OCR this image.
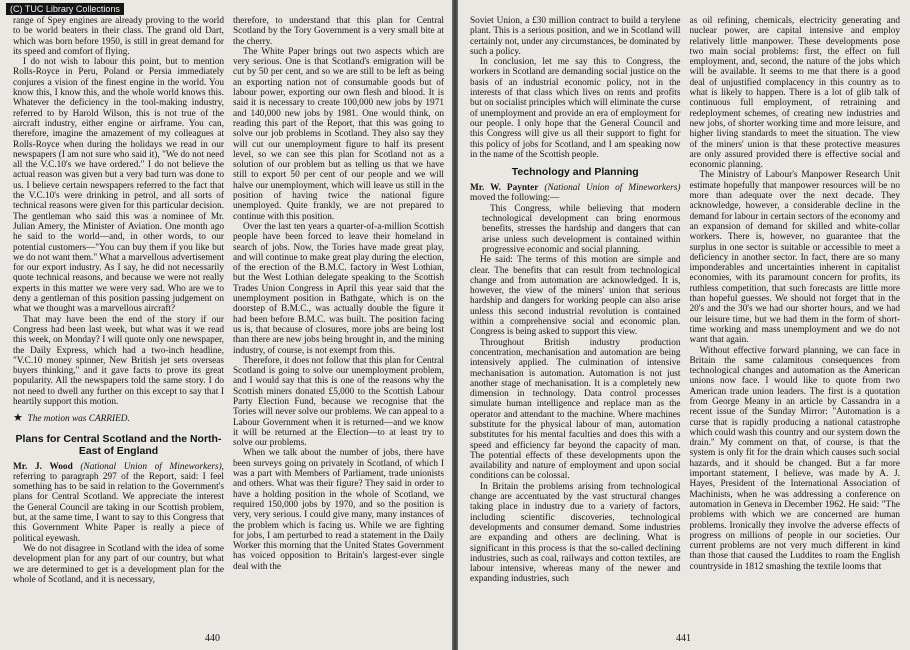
(C) TUC Library Collections

range of Spey engines are already proving to the world to be world beaters in their class. The grand old Dart, which was born before 1950, is still in great demand for its speed and comfort of flying.

I do not wish to labour this point, but to mention Rolls-Royce in Peru, Poland or Persia immediately conjures a vision of the finest engine in the world. You know this, I know this, and the whole world knows this. Whatever the deficiency in the tool-making industry, referred to by Harold Wilson, this is not true of the aircraft industry, either engine or airframe. You can, therefore, imagine the amazement of my colleagues at Rolls-Royce when during the holidays we read in our newspapers (I am not sure who said it), "We do not need all the V.C.10's we have ordered." I do not believe the actual reason was given but a very bad turn was done to us. I believe certain newspapers referred to the fact that the V.C.10's were drinking in petrol, and all sorts of technical reasons were given for this particular decision. The gentleman who said this was a nominee of Mr. Julian Amery, the Minister of Aviation. One month ago he said to the world—and, in other words, to our potential customers—"You can buy them if you like but we do not want them." What a marvellous advertisement for our export industry. As I say, he did not necessarily quote technical reasons, and because we were not really experts in this matter we were very sad. Who are we to deny a gentleman of this position passing judgement on what we thought was a marvellous aircraft?

That may have been the end of the story if our Congress had been last week, but what was it we read this week, on Monday? I will quote only one newspaper, the Daily Express, which had a two-inch headline, "V.C.10 money spinner, New British jet sets overseas buyers thinking," and it gave facts to prove its great popularity. All the newspapers told the same story. I do not need to dwell any further on this except to say that I heartily support this motion.

★ The motion was CARRIED.

Plans for Central Scotland and the North-East of England

Mr. J. Wood (National Union of Mineworkers), referring to paragraph 297 of the Report, said: I feel something has to be said in relation to the Government's plans for Central Scotland. We appreciate the interest the General Council are taking in our Scottish problem, but, at the same time, I want to say to this Congress that this Government White Paper is really a piece of political eyewash.

We do not disagree in Scotland with the idea of some development plan for any part of our country, but what we are determined to get is a development plan for the whole of Scotland, and it is necessary,

therefore, to understand that this plan for Central Scotland by the Tory Government is a very small bite at the cherry.

The White Paper brings out two aspects which are very serious. One is that Scotland's emigration will be cut by 50 per cent, and so we are still to be left as being an exporting nation not of consumable goods but of labour power, exporting our own flesh and blood. It is said it is necessary to create 100,000 new jobs by 1971 and 140,000 new jobs by 1981. One would think, on reading this part of the Report, that this was going to solve our job problems in Scotland. They also say they will cut our unemployment figure to half its present level, so we can see this plan for Scotland not as a solution of our problem but as telling us that we have still to export 50 per cent of our people and we will halve our unemployment, which will leave us still in the position of having twice the national figure unemployed. Quite frankly, we are not prepared to continue with this position.

Over the last ten years a quarter-of-a-million Scottish people have been forced to leave their homeland in search of jobs. Now, the Tories have made great play, and will continue to make great play during the election, of the erection of the B.M.C. factory in West Lothian, but the West Lothian delegate speaking to the Scottish Trades Union Congress in April this year said that the unemployment position in Bathgate, which is on the doorstep of B.M.C., was actually double the figure it had been before B.M.C. was built. The position facing us is, that because of closures, more jobs are being lost than there are new jobs being brought in, and the mining industry, of course, is not exempt from this.

Therefore, it does not follow that this plan for Central Scotland is going to solve our unemployment problem, and I would say that this is one of the reasons why the Scottish miners donated £5,000 to the Scottish Labour Party Election Fund, because we recognise that the Tories will never solve our problems. We can appeal to a Labour Government when it is returned—and we know it will be returned at the Election—to at least try to solve our problems.

When we talk about the number of jobs, there have been surveys going on privately in Scotland, of which I was a part with Members of Parliament, trade unionists and others. What was their figure? They said in order to have a holding position in the whole of Scotland, we required 150,000 jobs by 1970, and so the position is very, very serious. I could give many, many instances of the problem which is facing us. While we are fighting for jobs, I am perturbed to read a statement in the Daily Worker this morning that the United States Government has voiced opposition to Britain's largest-ever single deal with the

440

Soviet Union, a £30 million contract to build a terylene plant. This is a serious position, and we in Scotland will certainly not, under any circumstances, be dominated by such a policy.

In conclusion, let me say this to Congress, the workers in Scotland are demanding social justice on the basis of an industrial economic policy, not in the interests of that class which lives on rents and profits but on socialist principles which will eliminate the curse of unemployment and provide an era of employment for our people. I only hope that the General Council and this Congress will give us all their support to fight for this policy of jobs for Scotland, and I am speaking now in the name of the Scottish people.

Technology and Planning

Mr. W. Paynter (National Union of Mineworkers) moved the following:—

This Congress, while believing that modern technological development can bring enormous benefits, stresses the hardship and dangers that can arise unless such development is contained within progressive economic and social planning.

He said: The terms of this motion are simple and clear. The benefits that can result from technological change and from automation are acknowledged. It is, however, the view of the miners' union that serious hardship and dangers for working people can also arise unless this second industrial revolution is contained within a comprehensive social and economic plan. Congress is being asked to support this view.

Throughout British industry production concentration, mechanisation and automation are being intensively applied. The culmination of intensive mechanisation is automation. Automation is not just another stage of mechanisation. It is a completely new dimension in technology. Data control processes simulate human intelligence and replace man as the operator and attendant to the machine. Where machines substitute for the physical labour of man, automation substitutes for his mental faculties and does this with a speed and efficiency far beyond the capacity of man. The potential effects of these developments upon the availability and nature of employment and upon social conditions can be colossal.

In Britain the problems arising from technological change are accentuated by the vast structural changes taking place in industry due to a variety of factors, including scientific discoveries, technological developments and consumer demand. Some industries are expanding and others are declining. What is significant in this process is that the so-called declining industries, such as coal, railways and cotton textiles, are labour intensive, whereas many of the newer and expanding industries, such

as oil refining, chemicals, electricity generating and nuclear power, are capital intensive and employ relatively little manpower. These developments pose two main social problems: first, the effect on full employment, and, second, the nature of the jobs which will be available. It seems to me that there is a good deal of unjustified complacency in this country as to what is likely to happen. There is a lot of glib talk of continuous full employment, of retraining and redeployment schemes, of creating new industries and new jobs, of shorter working time and more leisure, and higher living standards to meet the situation. The view of the miners' union is that these protective measures are only assured provided there is effective social and economic planning.

The Ministry of Labour's Manpower Research Unit estimate hopefully that manpower resources will be no more than adequate over the next decade. They acknowledge, however, a considerable decline in the demand for labour in certain sectors of the economy and an expansion of demand for skilled and white-collar workers. There is, however, no guarantee that the surplus in one sector is suitable or accessible to meet a deficiency in another sector. In fact, there are so many imponderables and uncertainties inherent in capitalist economies, with its paramount concern for profits, its ruthless competition, that such forecasts are little more than hopeful guesses. We should not forget that in the 20's and the 30's we had our shorter hours, and we had our leisure time, but we had them in the form of short-time working and mass unemployment and we do not want that again.

Without effective forward planning, we can face in Britain the same calamitous consequences from technological changes and automation as the American unions now face. I would like to quote from two American trade union leaders. The first is a quotation from George Meany in an article by Cassandra in a recent issue of the Sunday Mirror: "Automation is a curse that is rapidly producing a national catastrophe which could wash this country and our system down the drain." My comment on that, of course, is that the system is only fit for the drain which causes such social hazards, and it should be changed. But a far more important statement, I believe, was made by A. J. Hayes, President of the International Association of Machinists, when he was addressing a conference on automation in Geneva in December 1962. He said: "The problems with which we are concerned are human problems. Ironically they involve the adverse effects of progress on millions of people in our societies. Our current problems are not very much different in kind than those that caused the Luddites to roam the English countryside in 1812 smashing the textile looms that

441
